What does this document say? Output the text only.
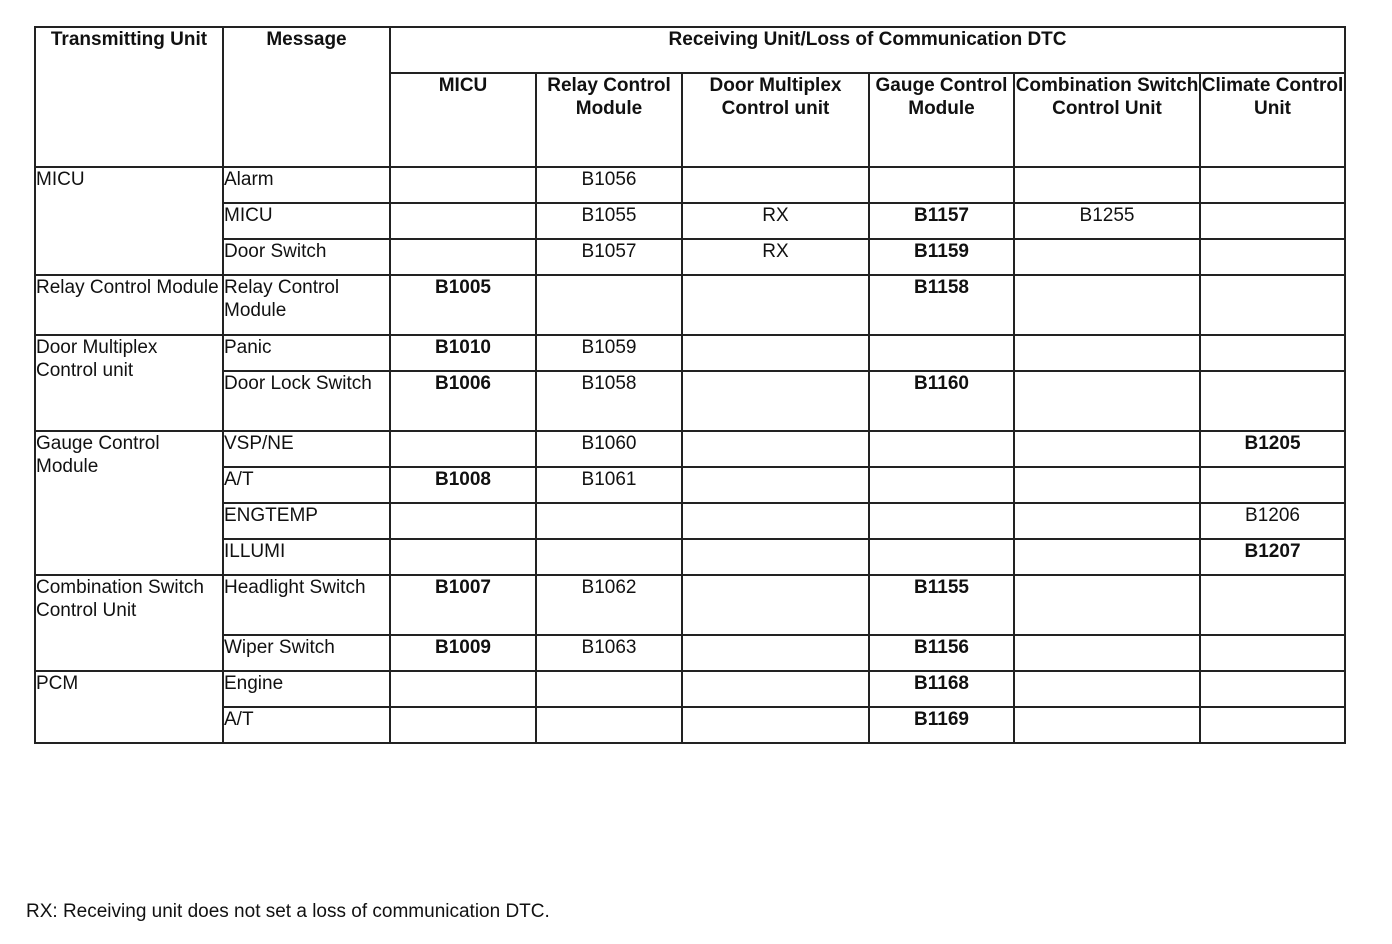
Transmitting Unit	Message	Receiving Unit/Loss of Communication DTC					
		MICU	Relay Control Module	Door Multiplex Control unit	Gauge Control Module	Combination Switch Control Unit	Climate Control Unit
MICU	Alarm		B1056				
	MICU		B1055	RX	B1157	B1255	
	Door Switch		B1057	RX	B1159		
Relay Control Module	Relay Control Module	B1005			B1158		
Door Multiplex Control unit	Panic	B1010	B1059				
	Door Lock Switch	B1006	B1058		B1160		
Gauge Control Module	VSP/NE		B1060				B1205
	A/T	B1008	B1061				
	ENGTEMP						B1206
	ILLUMI						B1207
Combination Switch Control Unit	Headlight Switch	B1007	B1062		B1155		
	Wiper Switch	B1009	B1063		B1156		
PCM	Engine				B1168		
	A/T				B1169		
RX: Receiving unit does not set a loss of communication DTC.
